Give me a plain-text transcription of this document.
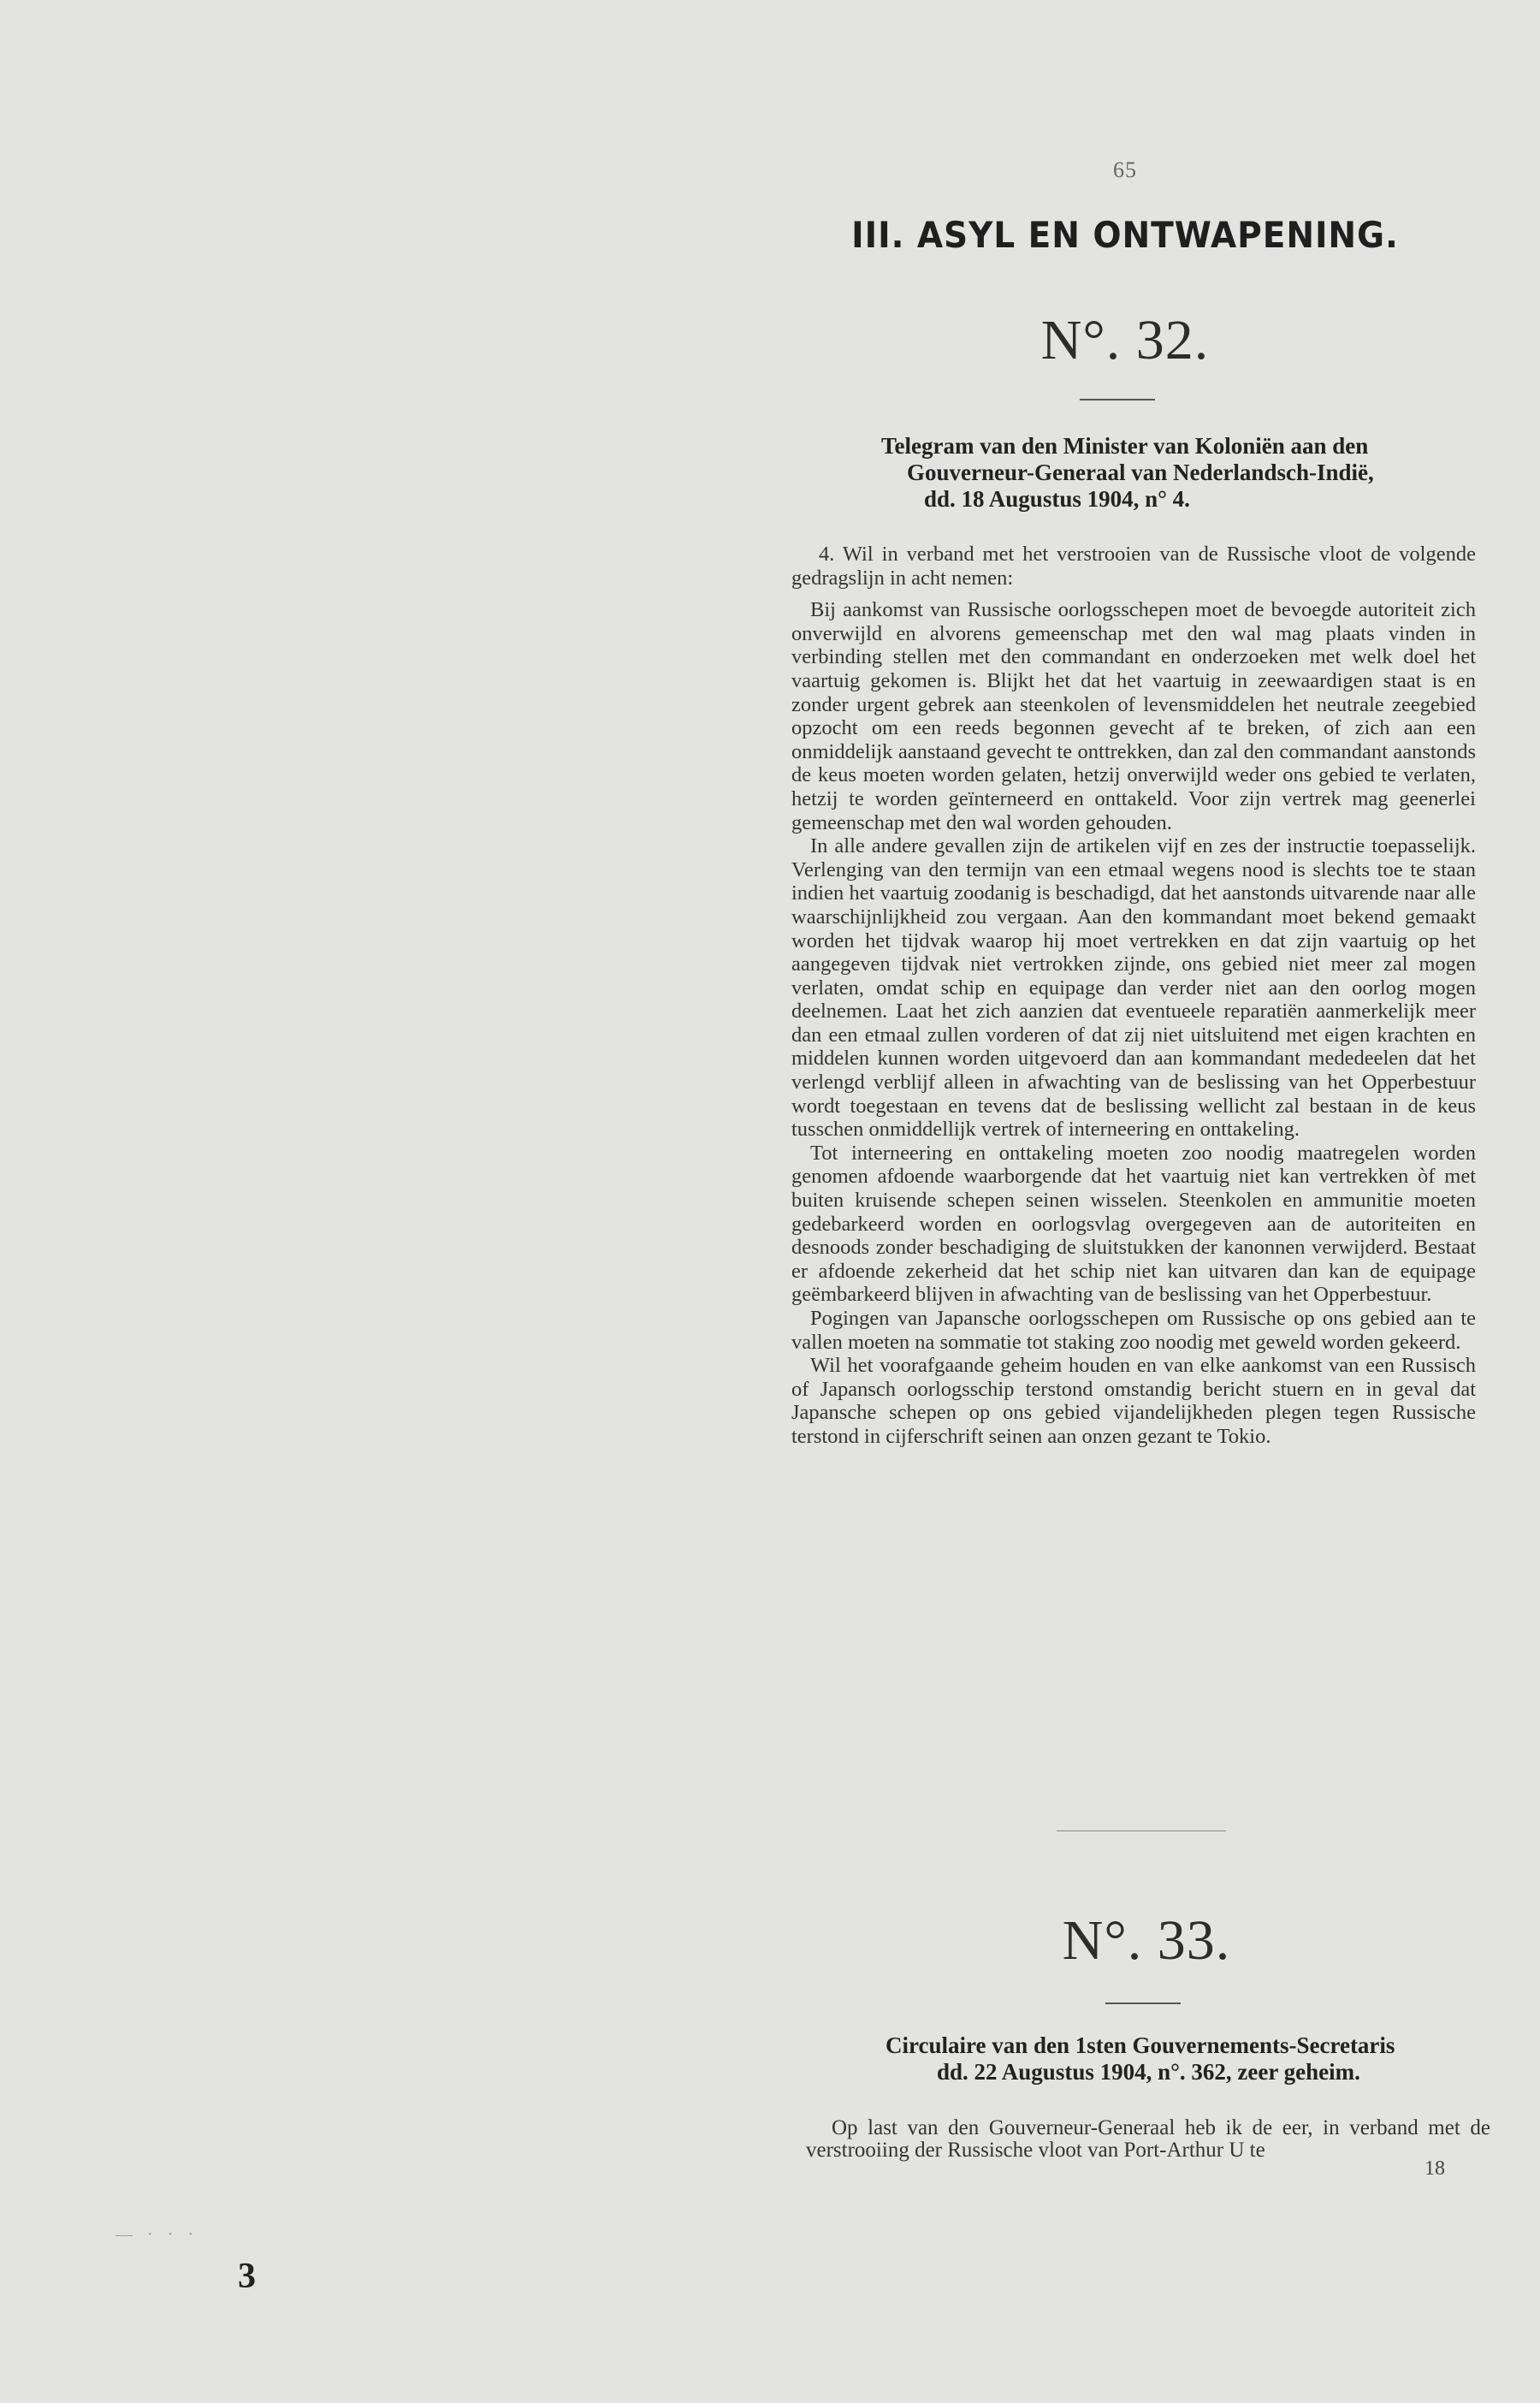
65
III. ASYL EN ONTWAPENING.
N°. 32.
Telegram van den Minister van Koloniën aan den
Gouverneur-Generaal van Nederlandsch-Indië,
dd. 18 Augustus 1904, n° 4.

4. Wil in verband met het verstrooien van de Russische vloot de volgende gedragslijn in acht nemen:

Bij aankomst van Russische oorlogsschepen moet de bevoegde autoriteit zich onverwijld en alvorens gemeenschap met den wal mag plaats vinden in verbinding stellen met den commandant en onderzoeken met welk doel het vaartuig gekomen is. Blijkt het dat het vaartuig in zeewaardigen staat is en zonder urgent gebrek aan steenkolen of levensmiddelen het neutrale zeegebied opzocht om een reeds begonnen gevecht af te breken, of zich aan een onmiddelijk aanstaand gevecht te onttrekken, dan zal den commandant aanstonds de keus moeten worden gelaten, hetzij onverwijld weder ons gebied te verlaten, hetzij te worden geïnterneerd en onttakeld. Voor zijn vertrek mag geenerlei gemeenschap met den wal worden gehouden.

In alle andere gevallen zijn de artikelen vijf en zes der instructie toepasselijk. Verlenging van den termijn van een etmaal wegens nood is slechts toe te staan indien het vaartuig zoodanig is beschadigd, dat het aanstonds uitvarende naar alle waarschijnlijkheid zou vergaan. Aan den kommandant moet bekend gemaakt worden het tijdvak waarop hij moet vertrekken en dat zijn vaartuig op het aangegeven tijdvak niet vertrokken zijnde, ons gebied niet meer zal mogen verlaten, omdat schip en equipage dan verder niet aan den oorlog mogen deelnemen. Laat het zich aanzien dat eventueele reparatiën aanmerkelijk meer dan een etmaal zullen vorderen of dat zij niet uitsluitend met eigen krachten en middelen kunnen worden uitgevoerd dan aan kommandant mededeelen dat het verlengd verblijf alleen in afwachting van de beslissing van het Opperbestuur wordt toegestaan en tevens dat de beslissing wellicht zal bestaan in de keus tusschen onmiddellijk vertrek of interneering en onttakeling.

Tot interneering en onttakeling moeten zoo noodig maatregelen worden genomen afdoende waarborgende dat het vaartuig niet kan vertrekken òf met buiten kruisende schepen seinen wisselen. Steenkolen en ammunitie moeten gedebarkeerd worden en oorlogsvlag overgegeven aan de autoriteiten en desnoods zonder beschadiging de sluitstukken der kanonnen verwijderd. Bestaat er afdoende zekerheid dat het schip niet kan uitvaren dan kan de equipage geëmbarkeerd blijven in afwachting van de beslissing van het Opperbestuur.

Pogingen van Japansche oorlogsschepen om Russische op ons gebied aan te vallen moeten na sommatie tot staking zoo noodig met geweld worden gekeerd.

Wil het voorafgaande geheim houden en van elke aankomst van een Russisch of Japansch oorlogsschip terstond omstandig bericht stuern en in geval dat Japansche schepen op ons gebied vijandelijkheden plegen tegen Russische terstond in cijferschrift seinen aan onzen gezant te Tokio.

N°. 33.
Circulaire van den 1sten Gouvernements-Secretaris
dd. 22 Augustus 1904, n°. 362, zeer geheim.

Op last van den Gouverneur-Generaal heb ik de eer, in verband met de verstrooiing der Russische vloot van Port-Arthur U te

18
— · · ·
3
